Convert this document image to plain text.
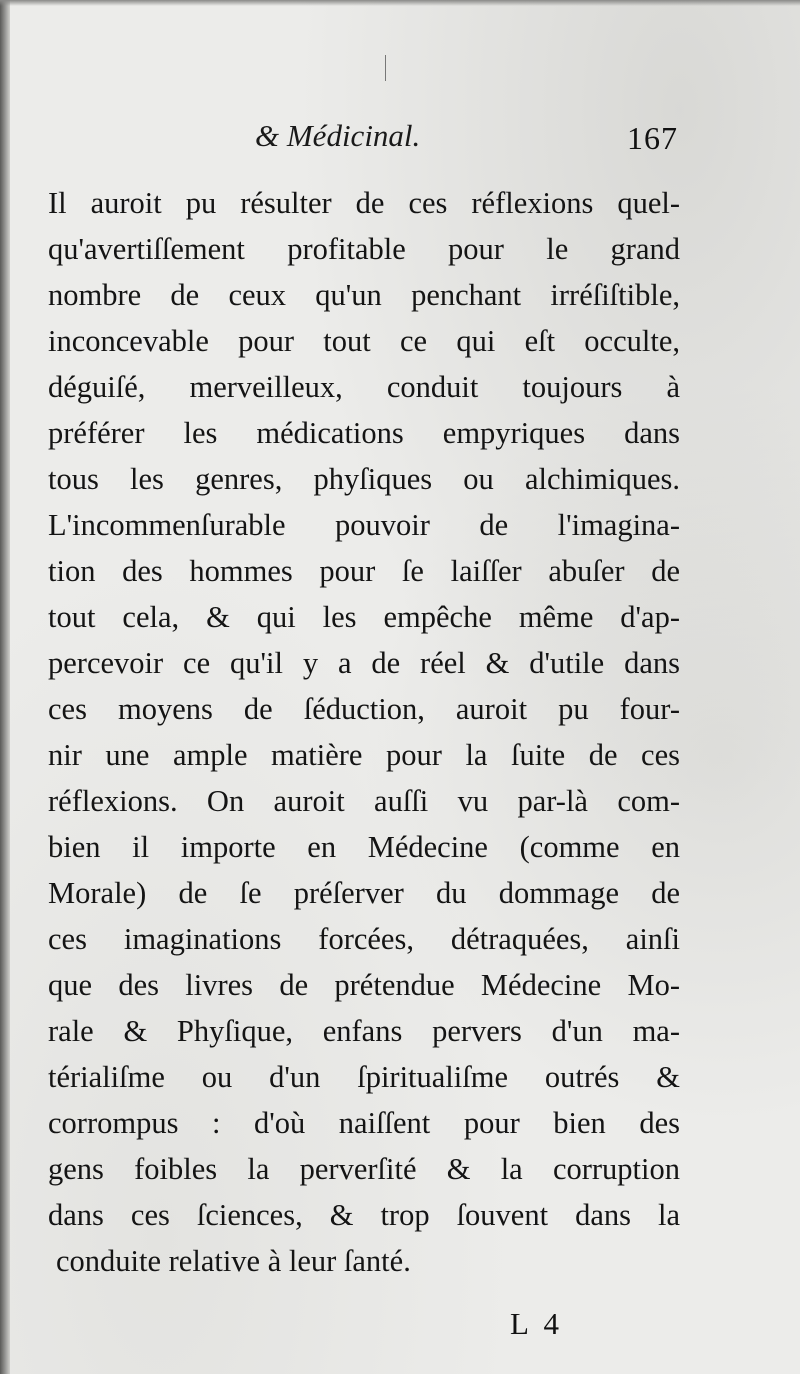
& Médicinal.	167
Il auroit pu résulter de ces réflexions quel-
qu'avertiſſement profitable pour le grand
nombre de ceux qu'un penchant irréſiſtible,
inconcevable pour tout ce qui eſt occulte,
déguiſé, merveilleux, conduit toujours à
préférer les médications empyriques dans
tous les genres, phyſiques ou alchimiques.
L'incommenſurable pouvoir de l'imagina-
tion des hommes pour ſe laiſſer abuſer de
tout cela, & qui les empêche même d'ap-
percevoir ce qu'il y a de réel & d'utile dans
ces moyens de ſéduction, auroit pu four-
nir une ample matière pour la ſuite de ces
réflexions. On auroit auſſi vu par-là com-
bien il importe en Médecine (comme en
Morale) de ſe préſerver du dommage de
ces imaginations forcées, détraquées, ainſi
que des livres de prétendue Médecine Mo-
rale & Phyſique, enfans pervers d'un ma-
térialiſme ou d'un ſpiritualiſme outrés &
corrompus : d'où naiſſent pour bien des
gens foibles la perverſité & la corruption
dans ces ſciences, & trop ſouvent dans la
conduite relative à leur ſanté.
L 4
